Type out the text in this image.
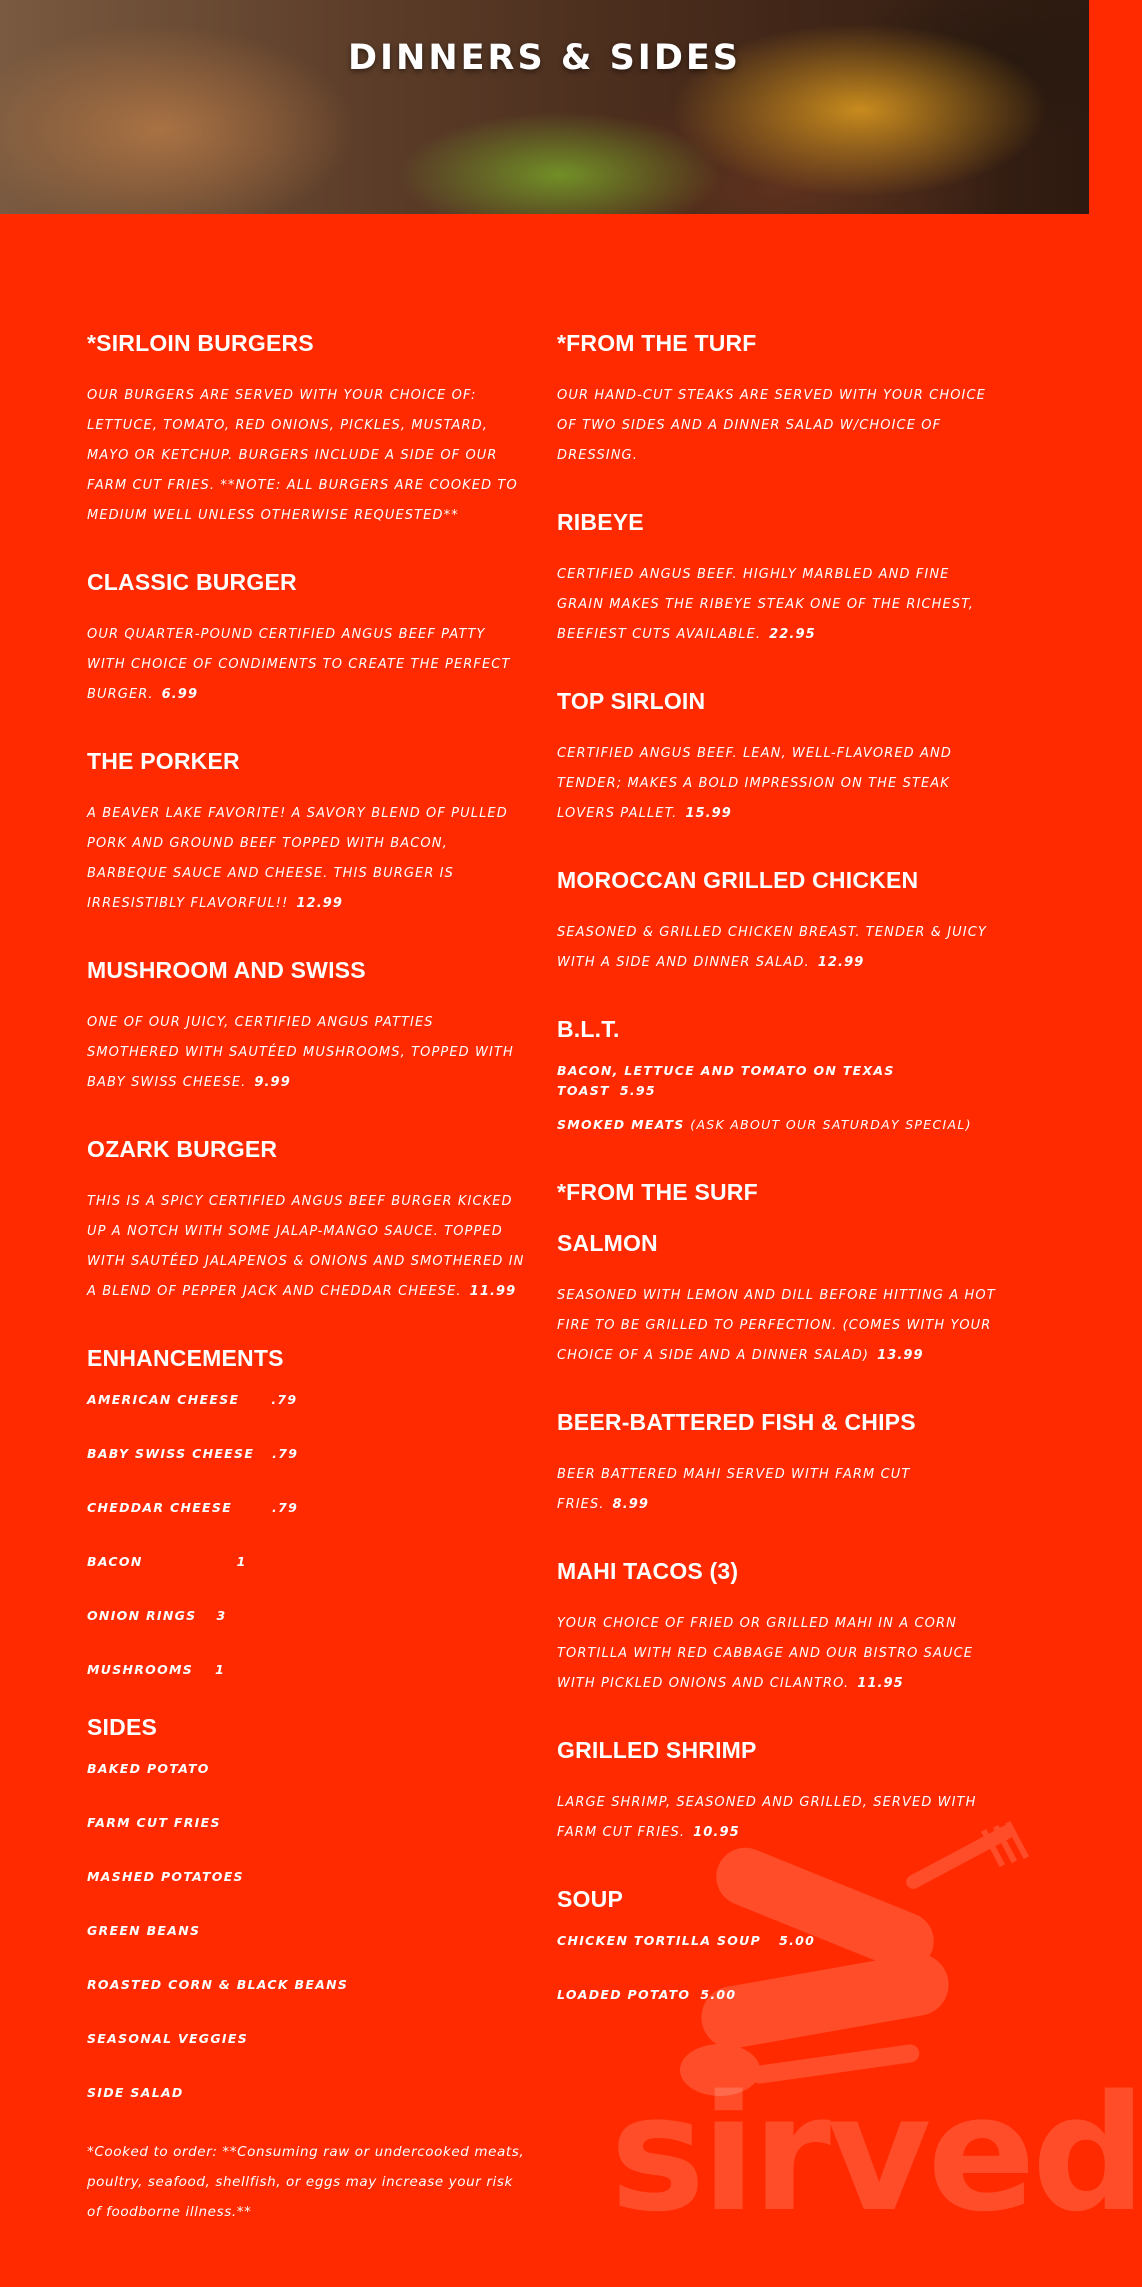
DINNERS & SIDES
sirved
*SIRLOIN BURGERS

OUR BURGERS ARE SERVED WITH YOUR CHOICE OF: LETTUCE, TOMATO, RED ONIONS, PICKLES, MUSTARD, MAYO OR KETCHUP. BURGERS INCLUDE A SIDE OF OUR FARM CUT FRIES. **NOTE: ALL BURGERS ARE COOKED TO MEDIUM WELL UNLESS OTHERWISE REQUESTED**

CLASSIC BURGER

OUR QUARTER-POUND CERTIFIED ANGUS BEEF PATTY WITH CHOICE OF CONDIMENTS TO CREATE THE PERFECT BURGER. 6.99

THE PORKER

A BEAVER LAKE FAVORITE! A SAVORY BLEND OF PULLED PORK AND GROUND BEEF TOPPED WITH BACON, BARBEQUE SAUCE AND CHEESE. THIS BURGER IS IRRESISTIBLY FLAVORFUL!! 12.99

MUSHROOM AND SWISS

ONE OF OUR JUICY, CERTIFIED ANGUS PATTIES SMOTHERED WITH SAUTÉED MUSHROOMS, TOPPED WITH BABY SWISS CHEESE. 9.99

OZARK BURGER

THIS IS A SPICY CERTIFIED ANGUS BEEF BURGER KICKED UP A NOTCH WITH SOME JALAP-MANGO SAUCE. TOPPED WITH SAUTÉED JALAPENOS & ONIONS AND SMOTHERED IN A BLEND OF PEPPER JACK AND CHEDDAR CHEESE. 11.99

ENHANCEMENTS
AMERICAN CHEESE	.79
BABY SWISS CHEESE .79
CHEDDAR CHEESE	.79
BACON	1
ONION RINGS 3
MUSHROOMS 1
SIDES
BAKED POTATO
FARM CUT FRIES
MASHED POTATOES
GREEN BEANS
ROASTED CORN & BLACK BEANS
SEASONAL VEGGIES
SIDE SALAD

*Cooked to order: **Consuming raw or undercooked meats, poultry, seafood, shellfish, or eggs may increase your risk of foodborne illness.**

*FROM THE TURF

OUR HAND-CUT STEAKS ARE SERVED WITH YOUR CHOICE OF TWO SIDES AND A DINNER SALAD W/CHOICE OF DRESSING.

RIBEYE

CERTIFIED ANGUS BEEF. HIGHLY MARBLED AND FINE GRAIN MAKES THE RIBEYE STEAK ONE OF THE RICHEST, BEEFIEST CUTS AVAILABLE. 22.95

TOP SIRLOIN

CERTIFIED ANGUS BEEF. LEAN, WELL-FLAVORED AND TENDER; MAKES A BOLD IMPRESSION ON THE STEAK LOVERS PALLET. 15.99

MOROCCAN GRILLED CHICKEN

SEASONED & GRILLED CHICKEN BREAST. TENDER & JUICY WITH A SIDE AND DINNER SALAD. 12.99

B.L.T.
BACON, LETTUCE AND TOMATO ON TEXAS TOAST 5.95
SMOKED MEATS (ASK ABOUT OUR SATURDAY SPECIAL)
*FROM THE SURF
SALMON

SEASONED WITH LEMON AND DILL BEFORE HITTING A HOT FIRE TO BE GRILLED TO PERFECTION. (COMES WITH YOUR CHOICE OF A SIDE AND A DINNER SALAD) 13.99

BEER-BATTERED FISH & CHIPS

BEER BATTERED MAHI SERVED WITH FARM CUT FRIES. 8.99

MAHI TACOS (3)

YOUR CHOICE OF FRIED OR GRILLED MAHI IN A CORN TORTILLA WITH RED CABBAGE AND OUR BISTRO SAUCE WITH PICKLED ONIONS AND CILANTRO. 11.95

GRILLED SHRIMP

LARGE SHRIMP, SEASONED AND GRILLED, SERVED WITH FARM CUT FRIES. 10.95

SOUP
CHICKEN TORTILLA SOUP 5.00
LOADED POTATO 5.00
